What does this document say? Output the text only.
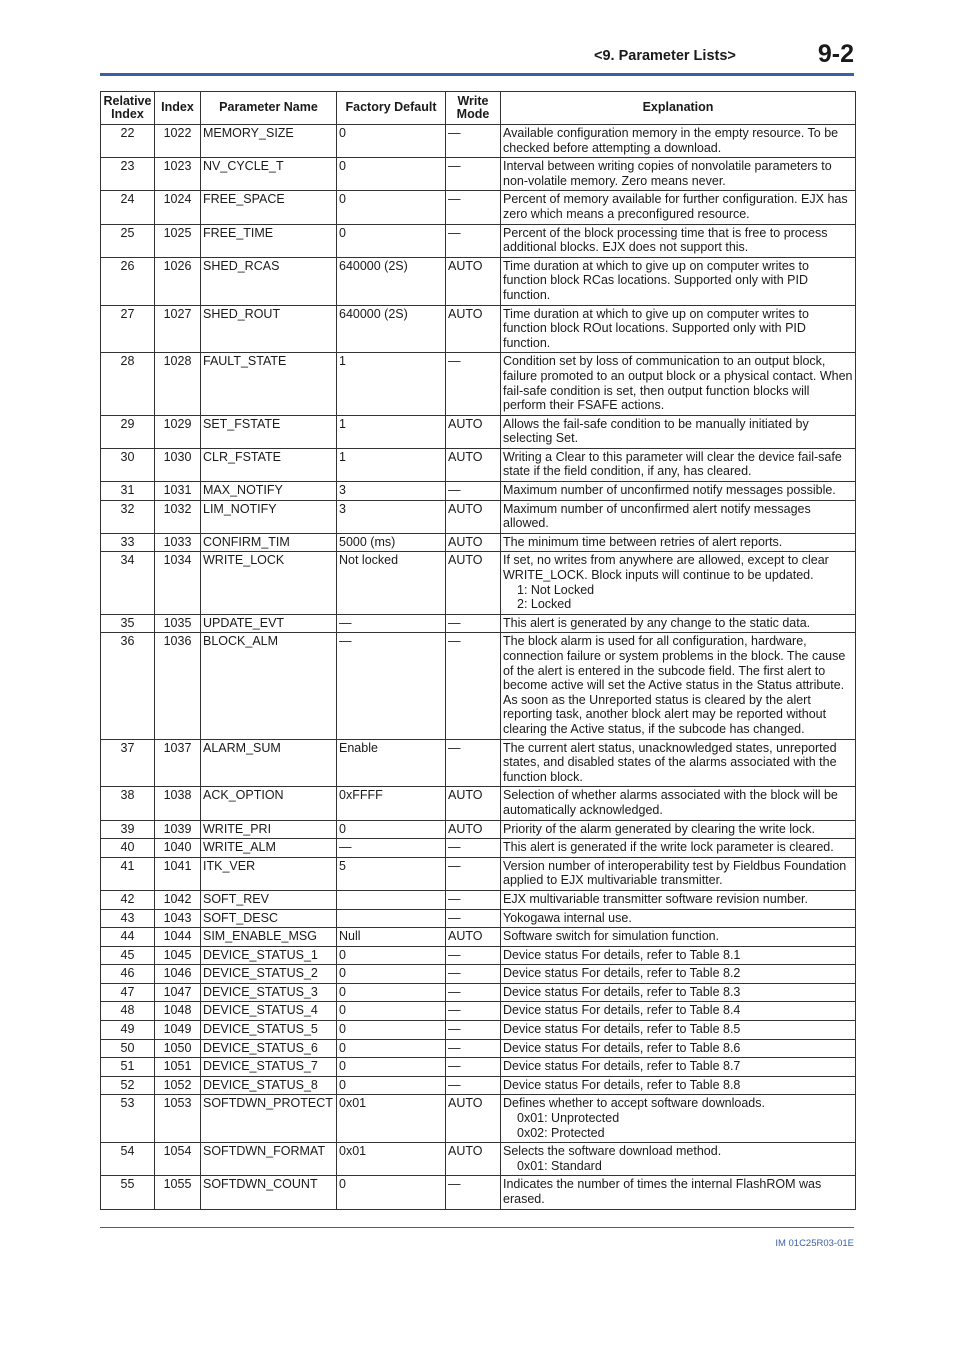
<9. Parameter Lists>	9-2
Relative Index	Index	Parameter Name	Factory Default	Write Mode	Explanation
22	1022	MEMORY_SIZE	0	—	Available configuration memory in the empty resource. To be checked before attempting a download.

23	1023	NV_CYCLE_T	0	—	Interval between writing copies of nonvolatile parameters to non-volatile memory. Zero means never.

24	1024	FREE_SPACE	0	—	Percent of memory available for further configuration. EJX has zero which means a preconfigured resource.

25	1025	FREE_TIME	0	—	Percent of the block processing time that is free to process additional blocks. EJX does not support this.

26	1026	SHED_RCAS	640000 (2S)	AUTO	Time duration at which to give up on computer writes to function block RCas locations. Supported only with PID function.

27	1027	SHED_ROUT	640000 (2S)	AUTO	Time duration at which to give up on computer writes to function block ROut locations. Supported only with PID function.

28	1028	FAULT_STATE	1	—	Condition set by loss of communication to an output block, failure promoted to an output block or a physical contact. When fail-safe condition is set, then output function blocks will perform their FSAFE actions.

29	1029	SET_FSTATE	1	AUTO	Allows the fail-safe condition to be manually initiated by selecting Set.

30	1030	CLR_FSTATE	1	AUTO	Writing a Clear to this parameter will clear the device fail-safe state if the field condition, if any, has cleared.

31	1031	MAX_NOTIFY	3	—	Maximum number of unconfirmed notify messages possible.

32	1032	LIM_NOTIFY	3	AUTO	Maximum number of unconfirmed alert notify messages allowed.

33	1033	CONFIRM_TIM	5000 (ms)	AUTO	The minimum time between retries of alert reports.

34	1034	WRITE_LOCK	Not locked	AUTO	If set, no writes from anywhere are allowed, except to clear WRITE_LOCK. Block inputs will continue to be updated.
1: Not Locked
2: Locked

35	1035	UPDATE_EVT	—	—	This alert is generated by any change to the static data.

36	1036	BLOCK_ALM	—	—	The block alarm is used for all configuration, hardware, connection failure or system problems in the block. The cause of the alert is entered in the subcode field. The first alert to become active will set the Active status in the Status attribute. As soon as the Unreported status is cleared by the alert reporting task, another block alert may be reported without clearing the Active status, if the subcode has changed.

37	1037	ALARM_SUM	Enable	—	The current alert status, unacknowledged states, unreported states, and disabled states of the alarms associated with the function block.

38	1038	ACK_OPTION	0xFFFF	AUTO	Selection of whether alarms associated with the block will be automatically acknowledged.

39	1039	WRITE_PRI	0	AUTO	Priority of the alarm generated by clearing the write lock.

40	1040	WRITE_ALM	—	—	This alert is generated if the write lock parameter is cleared.

41	1041	ITK_VER	5	—	Version number of interoperability test by Fieldbus Foundation applied to EJX multivariable transmitter.

42	1042	SOFT_REV		—	EJX multivariable transmitter software revision number.

43	1043	SOFT_DESC		—	Yokogawa internal use.

44	1044	SIM_ENABLE_MSG	Null	AUTO	Software switch for simulation function.

45	1045	DEVICE_STATUS_1	0	—	Device status For details, refer to Table 8.1

46	1046	DEVICE_STATUS_2	0	—	Device status For details, refer to Table 8.2

47	1047	DEVICE_STATUS_3	0	—	Device status For details, refer to Table 8.3

48	1048	DEVICE_STATUS_4	0	—	Device status For details, refer to Table 8.4

49	1049	DEVICE_STATUS_5	0	—	Device status For details, refer to Table 8.5

50	1050	DEVICE_STATUS_6	0	—	Device status For details, refer to Table 8.6

51	1051	DEVICE_STATUS_7	0	—	Device status For details, refer to Table 8.7

52	1052	DEVICE_STATUS_8	0	—	Device status For details, refer to Table 8.8

53	1053	SOFTDWN_PROTECT	0x01	AUTO	Defines whether to accept software downloads.
0x01: Unprotected
0x02: Protected

54	1054	SOFTDWN_FORMAT	0x01	AUTO	Selects the software download method.
0x01: Standard

55	1055	SOFTDWN_COUNT	0	—	Indicates the number of times the internal FlashROM was erased.
IM 01C25R03-01E
